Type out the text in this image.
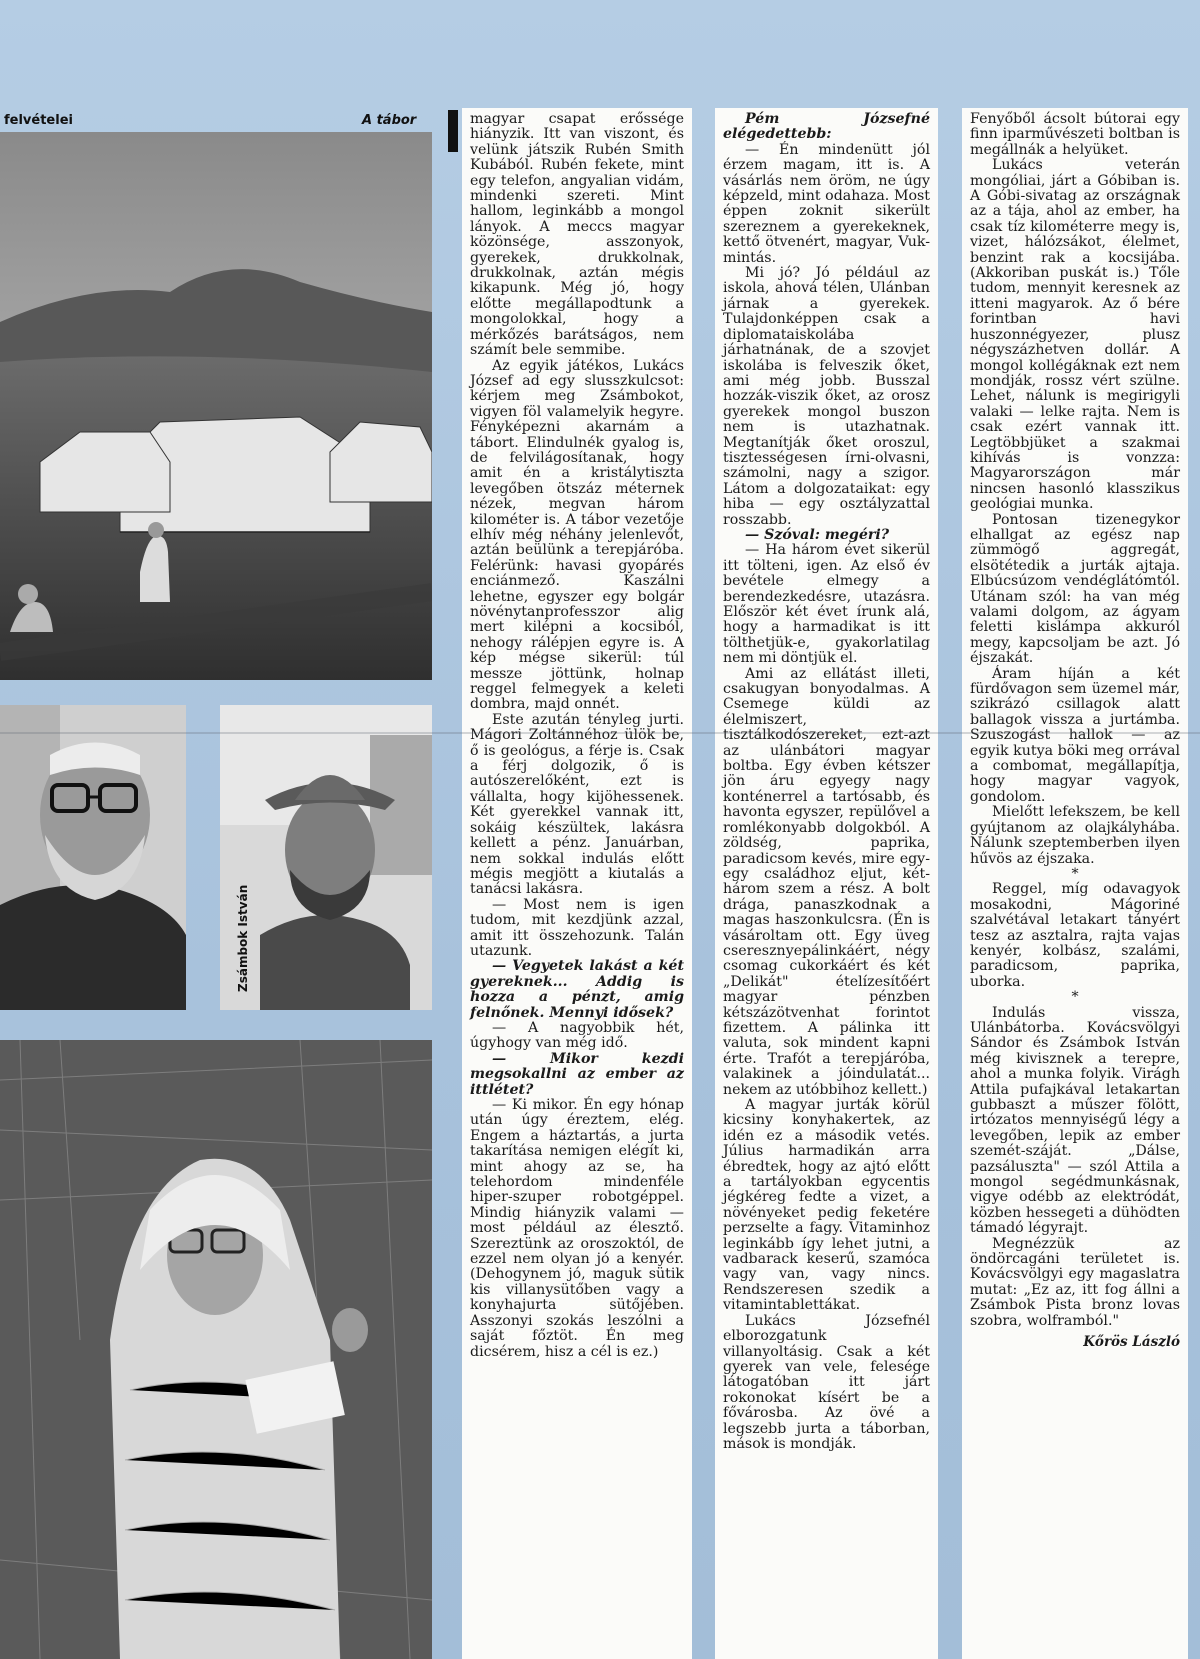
felvételei	A tábor
Zsámbok István

magyar csapat erőssége hiányzik. Itt van viszont, és velünk játszik Rubén Smith Kubából. Rubén fekete, mint egy telefon, angyalian vidám, mindenki szereti. Mint hallom, leginkább a mongol lányok. A meccs magyar közönsége, asszonyok, gyerekek, drukkolnak, drukkolnak, aztán mégis kikapunk. Még jó, hogy előtte megállapodtunk a mongolokkal, hogy a mérkőzés barátságos, nem számít bele semmibe.

Az egyik játékos, Lukács József ad egy slusszkulcsot: kérjem meg Zsámbokot, vigyen föl valamelyik hegyre. Fényképezni akarnám a tábort. Elindulnék gyalog is, de felvilágosítanak, hogy amit én a kristálytiszta levegőben ötszáz méternek nézek, megvan három kilométer is. A tábor vezetője elhív még néhány jelenlevőt, aztán beülünk a terepjáróba. Felérünk: havasi gyopárés enciánmező. Kaszálni lehetne, egyszer egy bolgár növénytanprofesszor alig mert kilépni a kocsiból, nehogy rálépjen egyre is. A kép mégse sikerül: túl messze jöttünk, holnap reggel felmegyek a keleti dombra, majd onnét.

Este azután tényleg jurti. Mágori Zoltánnéhoz ülök be, ő is geológus, a férje is. Csak a férj dolgozik, ő is autószerelőként, ezt is vállalta, hogy kijöhessenek. Két gyerekkel vannak itt, sokáig készültek, lakásra kellett a pénz. Januárban, nem sokkal indulás előtt mégis megjött a kiutalás a tanácsi lakásra.

— Most nem is igen tudom, mit kezdjünk azzal, amit itt összehozunk. Talán utazunk.

— Vegyetek lakást a két gyereknek... Addig is hozza a pénzt, amig felnőnek. Mennyi idősek?

— A nagyobbik hét, úgyhogy van még idő.

— Mikor kezdi megsokallni az ember az ittlétet?

— Ki mikor. Én egy hónap után úgy éreztem, elég. Engem a háztartás, a jurta takarítása nemigen elégít ki, mint ahogy az se, ha telehordom mindenféle hiper-szuper robotgéppel. Mindig hiányzik valami — most például az élesztő. Szereztünk az oroszoktól, de ezzel nem olyan jó a kenyér. (Dehogynem jó, maguk sütik kis villanysütőben vagy a konyhajurta sütőjében. Asszonyi szokás leszólni a saját főztöt. Én meg dicsérem, hisz a cél is ez.)

Pém Józsefné elégedettebb:

— Én mindenütt jól érzem magam, itt is. A vásárlás nem öröm, ne úgy képzeld, mint odahaza. Most éppen zoknit sikerült szereznem a gyerekeknek, kettő ötvenért, magyar, Vuk-mintás.

Mi jó? Jó például az iskola, ahová télen, Ulánban járnak a gyerekek. Tulajdonképpen csak a diplomataiskolába járhatnának, de a szovjet iskolába is felveszik őket, ami még jobb. Busszal hozzák-viszik őket, az orosz gyerekek mongol buszon nem is utazhatnak. Megtanítják őket oroszul, tisztességesen írni-olvasni, számolni, nagy a szigor. Látom a dolgozataikat: egy hiba — egy osztályzattal rosszabb.

— Szóval: megéri?

— Ha három évet sikerül itt tölteni, igen. Az első év bevétele elmegy a berendezkedésre, utazásra. Először két évet írunk alá, hogy a harmadikat is itt tölthetjük-e, gyakorlatilag nem mi döntjük el.

Ami az ellátást illeti, csakugyan bonyodalmas. A Csemege küldi az élelmiszert, tisztálkodószereket, ezt-azt az ulánbátori magyar boltba. Egy évben kétszer jön áru egyegy nagy konténerrel a tartósabb, és havonta egyszer, repülővel a romlékonyabb dolgokból. A zöldség, paprika, paradicsom kevés, mire egy-egy családhoz eljut, két-három szem a rész. A bolt drága, panaszkodnak a magas haszonkulcsra. (Én is vásároltam ott. Egy üveg cseresznyepálinkáért, négy csomag cukorkáért és két „Delikát" ételízesítőért magyar pénzben kétszázötvenhat forintot fizettem. A pálinka itt valuta, sok mindent kapni érte. Trafót a terepjáróba, valakinek a jóindulatát... nekem az utóbbihoz kellett.)

A magyar jurták körül kicsiny konyhakertek, az idén ez a második vetés. Július harmadikán arra ébredtek, hogy az ajtó előtt a tartályokban egycentis jégkéreg fedte a vizet, a növényeket pedig feketére perzselte a fagy. Vitaminhoz leginkább így lehet jutni, a vadbarack keserű, szamóca vagy van, vagy nincs. Rendszeresen szedik a vitamintablettákat.

Lukács Józsefnél elborozgatunk villanyoltásig. Csak a két gyerek van vele, felesége látogatóban itt járt rokonokat kísért be a fővárosba. Az övé a legszebb jurta a táborban, mások is mondják.

Fenyőből ácsolt bútorai egy finn iparművészeti boltban is megállnák a helyüket.

Lukács veterán mongóliai, járt a Góbiban is. A Góbi-sivatag az országnak az a tája, ahol az ember, ha csak tíz kilométerre megy is, vizet, hálózsákot, élelmet, benzint rak a kocsijába. (Akkoriban puskát is.) Tőle tudom, mennyit keresnek az itteni magyarok. Az ő bére forintban havi huszonnégyezer, plusz négyszázhetven dollár. A mongol kollégáknak ezt nem mondják, rossz vért szülne. Lehet, nálunk is megirigyli valaki — lelke rajta. Nem is csak ezért vannak itt. Legtöbbjüket a szakmai kihívás is vonzza: Magyarországon már nincsen hasonló klasszikus geológiai munka.

Pontosan tizenegykor elhallgat az egész nap zümmögő aggregát, elsötétedik a jurták ajtaja. Elbúcsúzom vendéglátómtól. Utánam szól: ha van még valami dolgom, az ágyam feletti kislámpa akkuról megy, kapcsoljam be azt. Jó éjszakát.

Áram híján a két fürdővagon sem üzemel már, szikrázó csillagok alatt ballagok vissza a jurtámba. Szuszogást hallok — az egyik kutya böki meg orrával a combomat, megállapítja, hogy magyar vagyok, gondolom.

Mielőtt lefekszem, be kell gyújtanom az olajkályhába. Nálunk szeptemberben ilyen hűvös az éjszaka.

*

Reggel, míg odavagyok mosakodni, Mágoriné szalvétával letakart tányért tesz az asztalra, rajta vajas kenyér, kolbász, szalámi, paradicsom, paprika, uborka.

*

Indulás vissza, Ulánbátorba. Kovácsvölgyi Sándor és Zsámbok István még kivisznek a terepre, ahol a munka folyik. Virágh Attila pufajkával letakartan gubbaszt a műszer fölött, irtózatos mennyiségű légy a levegőben, lepik az ember szemét-száját. „Dálse, pazsáluszta" — szól Attila a mongol segédmunkásnak, vigye odébb az elektródát, közben hessegeti a dühödten támadó légyrajt.

Megnézzük az öndörcagáni területet is. Kovácsvölgyi egy magaslatra mutat: „Ez az, itt fog állni a Zsámbok Pista bronz lovas szobra, wolframból."

Kőrös László
